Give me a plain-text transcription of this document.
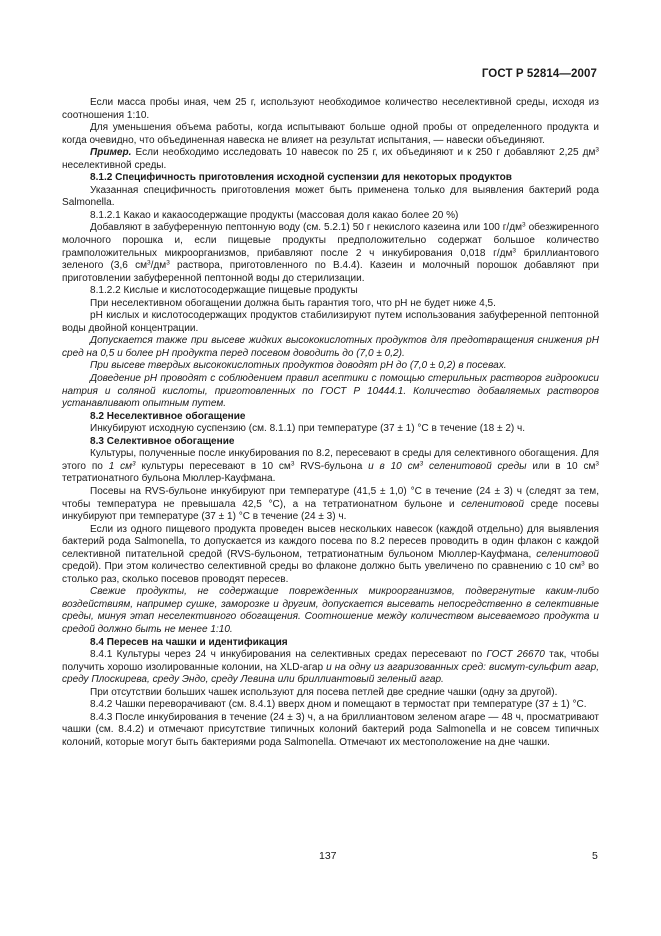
ГОСТ Р 52814—2007

Если масса пробы иная, чем 25 г, используют необходимое количество неселективной среды, исходя из соотношения 1:10.

Для уменьшения объема работы, когда испытывают больше одной пробы от определенного продукта и когда очевидно, что объединенная навеска не влияет на результат испытания, — навески объединяют.

Пример. Если необходимо исследовать 10 навесок по 25 г, их объединяют и к 250 г добавляют 2,25 $дм^3$ неселективной среды.

8.1.2 Специфичность приготовления исходной суспензии для некоторых продуктов

Указанная специфичность приготовления может быть применена только для выявления бактерий рода Salmonella.

8.1.2.1 Какао и какаосодержащие продукты (массовая доля какао более 20 %)

Добавляют в забуференную пептонную воду (см. 5.2.1) 50 г некислого казеина или 100 $г/дм^3$ обезжиренного молочного порошка и, если пищевые продукты предположительно содержат большое количество грамположительных микроорганизмов, прибавляют после 2 ч инкубирования 0,018 $г/дм^3$ бриллиантового зеленого (3,6 $см^3/дм^3$ раствора, приготовленного по В.4.4). Казеин и молочный порошок добавляют при приготовлении забуференной пептонной воды до стерилизации.

8.1.2.2 Кислые и кислотосодержащие пищевые продукты

При неселективном обогащении должна быть гарантия того, что pH не будет ниже 4,5.

pH кислых и кислотосодержащих продуктов стабилизируют путем использования забуференной пептонной воды двойной концентрации.

Допускается также при высеве жидких высококислотных продуктов для предотвращения снижения pH сред на 0,5 и более pH продукта перед посевом доводить до (7,0 ± 0,2).

При высеве твердых высококислотных продуктов доводят pH до (7,0 ± 0,2) в посевах.

Доведение pH проводят с соблюдением правил асептики с помощью стерильных растворов гидроокиси натрия и соляной кислоты, приготовленных по ГОСТ Р 10444.1. Количество добавляемых растворов устанавливают опытным путем.

8.2 Неселективное обогащение

Инкубируют исходную суспензию (см. 8.1.1) при температуре (37 ± 1) °С в течение (18 ± 2) ч.

8.3 Селективное обогащение

Культуры, полученные после инкубирования по 8.2, пересевают в среды для селективного обогащения. Для этого по 1 $см^3$ культуры пересевают в 10 $см^3$ RVS-бульона и в 10 $см^3$ селенитовой среды или в 10 $см^3$ тетратионатного бульона Мюллер-Кауфмана.

Посевы на RVS-бульоне инкубируют при температуре (41,5 ± 1,0) °С в течение (24 ± 3) ч (следят за тем, чтобы температура не превышала 42,5 °С), а на тетратионатном бульоне и селенитовой среде посевы инкубируют при температуре (37 ± 1) °С в течение (24 ± 3) ч.

Если из одного пищевого продукта проведен высев нескольких навесок (каждой отдельно) для выявления бактерий рода Salmonella, то допускается из каждого посева по 8.2 пересев проводить в один флакон с каждой селективной питательной средой (RVS-бульоном, тетратионатным бульоном Мюллер-Кауфмана, селенитовой средой). При этом количество селективной среды во флаконе должно быть увеличено по сравнению с 10 $см^3$ во столько раз, сколько посевов проводят пересев.

Свежие продукты, не содержащие поврежденных микроорганизмов, подвергнутые каким-либо воздействиям, например сушке, заморозке и другим, допускается высевать непосредственно в селективные среды, минуя этап неселективного обогащения. Соотношение между количеством высеваемого продукта и средой должно быть не менее 1:10.

8.4 Пересев на чашки и идентификация

8.4.1 Культуры через 24 ч инкубирования на селективных средах пересевают по ГОСТ 26670 так, чтобы получить хорошо изолированные колонии, на XLD-агар и на одну из агаризованных сред: висмут-сульфит агар, среду Плоскирева, среду Эндо, среду Левина или бриллиантовый зеленый агар.

При отсутствии больших чашек используют для посева петлей две средние чашки (одну за другой).

8.4.2 Чашки переворачивают (см. 8.4.1) вверх дном и помещают в термостат при температуре (37 ± 1) °С.

8.4.3 После инкубирования в течение (24 ± 3) ч, а на бриллиантовом зеленом агаре — 48 ч, просматривают чашки (см. 8.4.2) и отмечают присутствие типичных колоний бактерий рода Salmonella и не совсем типичных колоний, которые могут быть бактериями рода Salmonella. Отмечают их местоположение на дне чашки.

137	5
